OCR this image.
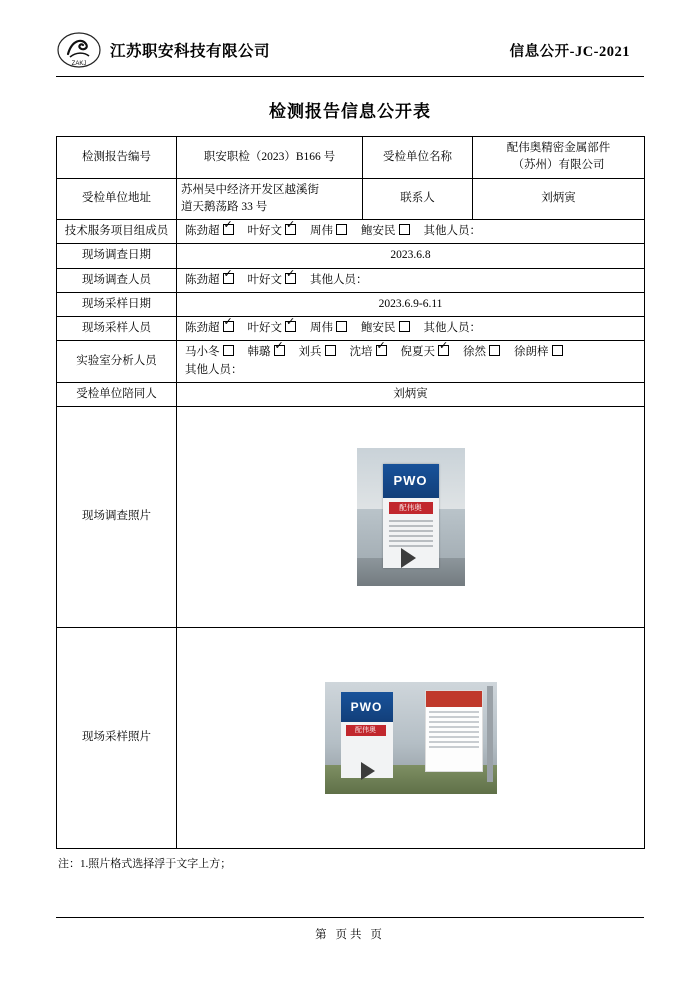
ZAKJ
江苏职安科技有限公司	信息公开-JC-2021
检测报告信息公开表
检测报告编号	职安职检（2023）B166 号	受检单位名称	配伟奥精密金属部件
（苏州）有限公司

受检单位地址	苏州吴中经济开发区越溪街
道天鹅荡路 33 号	联系人	刘炳寅
技术服务项目组成员	陈劲超 ✓ 叶好文 ✓ 周伟 鲍安民 其他人员：

现场调查日期	2023.6.8		
现场调查人员	陈劲超 ✓ 叶好文 ✓ 其他人员：

现场采样日期	2023.6.9-6.11		
现场采样人员	陈劲超 ✓ 叶好文 ✓ 周伟 鲍安民 其他人员：

实验室分析人员	
马小冬	韩璐 ✓	刘兵	沈培 ✓	倪夏天 ✓	徐然	徐朗梓
其他人员：

受检单位陪同人	刘炳寅		
现场调查照片	PWO
配伟奥		

现场采样照片	PWO
配伟奥		
注：1.照片格式选择浮于文字上方；
第 页共 页
